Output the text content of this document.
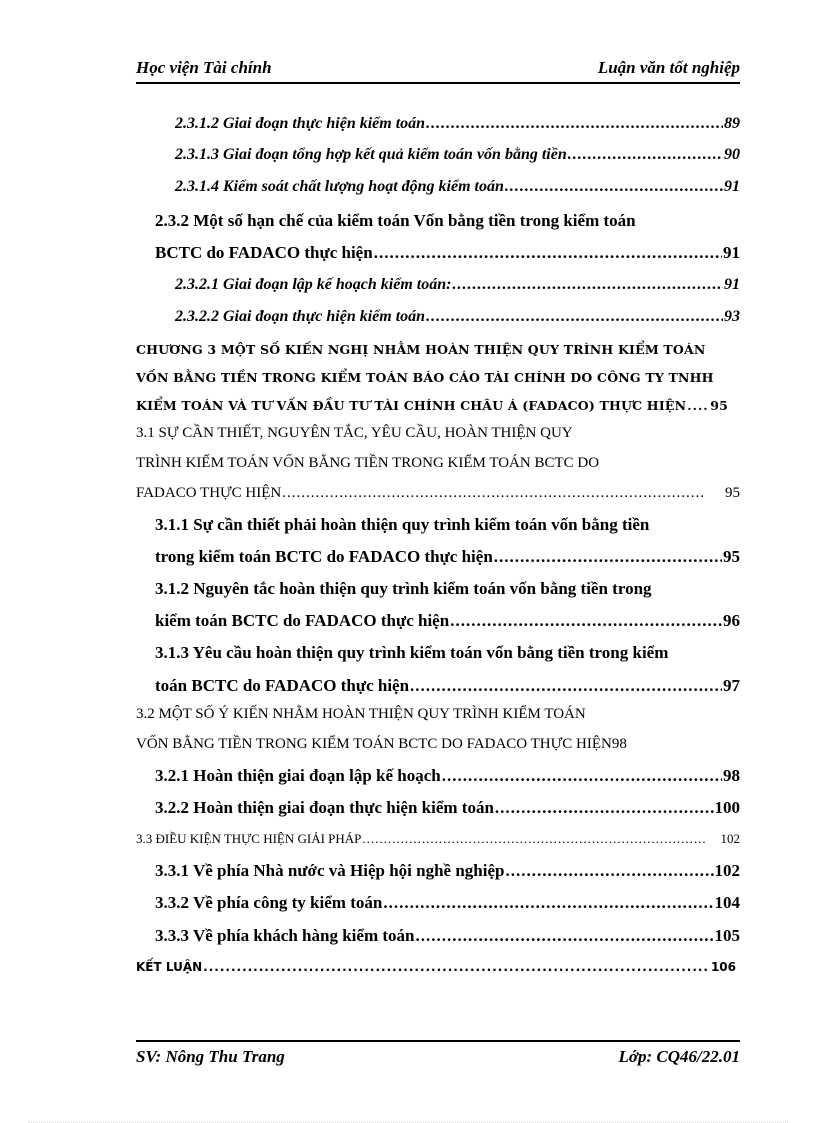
Học viện Tài chính	Luận văn tốt nghiệp
2.3.1.2 Giai đoạn thực hiện kiểm toán .....	89
2.3.1.3 Giai đoạn tổng hợp kết quả kiểm toán vốn bằng tiền .....	90
2.3.1.4 Kiểm soát chất lượng hoạt động kiểm toán .....	91
2.3.2 Một số hạn chế của kiểm toán Vốn bằng tiền trong kiểm toán
BCTC do FADACO thực hiện .....	91
2.3.2.1 Giai đoạn lập kế hoạch kiểm toán: .....	91
2.3.2.2 Giai đoạn thực hiện kiểm toán .....	93
CHƯƠNG 3 MỘT SỐ KIẾN NGHỊ NHẰM HOÀN THIỆN QUY TRÌNH KIỂM TOÁN
VỐN BẰNG TIỀN TRONG KIỂM TOÁN BÁO CÁO TÀI CHÍNH DO CÔNG TY TNHH
KIỂM TOÁN VÀ TƯ VẤN ĐẦU TƯ TÀI CHÍNH CHÂU Á (FADACO) THỰC HIỆN ..... 95
3.1 SỰ CẦN THIẾT, NGUYÊN TẮC, YÊU CẦU, HOÀN THIỆN QUY
TRÌNH KIỂM TOÁN VỐN BẰNG TIỀN TRONG KIỂM TOÁN BCTC DO
FADACO THỰC HIỆN .....	95
3.1.1 Sự cần thiết phải hoàn thiện quy trình kiểm toán vốn bằng tiền
trong kiểm toán BCTC do FADACO thực hiện .....	95
3.1.2 Nguyên tắc hoàn thiện quy trình kiểm toán vốn bằng tiền trong
kiểm toán BCTC do FADACO thực hiện .....	96
3.1.3 Yêu cầu hoàn thiện quy trình kiểm toán vốn bằng tiền trong kiểm
toán BCTC do FADACO thực hiện .....	97
3.2 MỘT SỐ Ý KIẾN NHẰM HOÀN THIỆN QUY TRÌNH KIỂM TOÁN
VỐN BẰNG TIỀN TRONG KIỂM TOÁN BCTC DO FADACO THỰC HIỆN 98
3.2.1 Hoàn thiện giai đoạn lập kế hoạch .....	98
3.2.2 Hoàn thiện giai đoạn thực hiện kiểm toán .....	100
3.3 ĐIỀU KIỆN THỰC HIỆN GIẢI PHÁP .....	102
3.3.1 Về phía Nhà nước và Hiệp hội nghề nghiệp .....	102
3.3.2 Về phía công ty kiểm toán .....	104
3.3.3 Về phía khách hàng kiểm toán .....	105
KẾT LUẬN .....	106
SV: Nông Thu Trang	Lớp: CQ46/22.01
